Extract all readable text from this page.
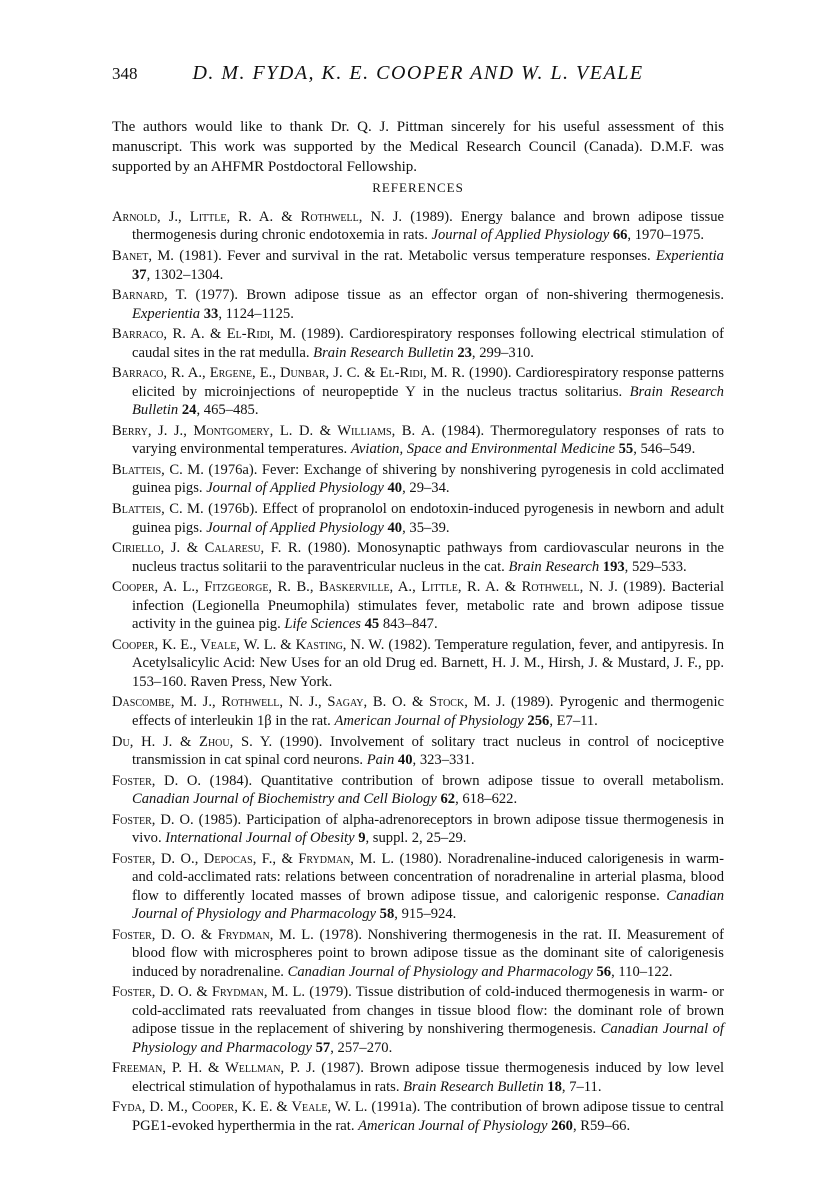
348	D. M. FYDA, K. E. COOPER AND W. L. VEALE

The authors would like to thank Dr. Q. J. Pittman sincerely for his useful assessment of this manuscript. This work was supported by the Medical Research Council (Canada). D.M.F. was supported by an AHFMR Postdoctoral Fellowship.

REFERENCES

Arnold, J., Little, R. A. & Rothwell, N. J. (1989). Energy balance and brown adipose tissue thermogenesis during chronic endotoxemia in rats. Journal of Applied Physiology 66, 1970–1975.

Banet, M. (1981). Fever and survival in the rat. Metabolic versus temperature responses. Experientia 37, 1302–1304.

Barnard, T. (1977). Brown adipose tissue as an effector organ of non-shivering thermogenesis. Experientia 33, 1124–1125.

Barraco, R. A. & El-Ridi, M. (1989). Cardiorespiratory responses following electrical stimulation of caudal sites in the rat medulla. Brain Research Bulletin 23, 299–310.

Barraco, R. A., Ergene, E., Dunbar, J. C. & El-Ridi, M. R. (1990). Cardiorespiratory response patterns elicited by microinjections of neuropeptide Y in the nucleus tractus solitarius. Brain Research Bulletin 24, 465–485.

Berry, J. J., Montgomery, L. D. & Williams, B. A. (1984). Thermoregulatory responses of rats to varying environmental temperatures. Aviation, Space and Environmental Medicine 55, 546–549.

Blatteis, C. M. (1976a). Fever: Exchange of shivering by nonshivering pyrogenesis in cold acclimated guinea pigs. Journal of Applied Physiology 40, 29–34.

Blatteis, C. M. (1976b). Effect of propranolol on endotoxin-induced pyrogenesis in newborn and adult guinea pigs. Journal of Applied Physiology 40, 35–39.

Ciriello, J. & Calaresu, F. R. (1980). Monosynaptic pathways from cardiovascular neurons in the nucleus tractus solitarii to the paraventricular nucleus in the cat. Brain Research 193, 529–533.

Cooper, A. L., Fitzgeorge, R. B., Baskerville, A., Little, R. A. & Rothwell, N. J. (1989). Bacterial infection (Legionella Pneumophila) stimulates fever, metabolic rate and brown adipose tissue activity in the guinea pig. Life Sciences 45 843–847.

Cooper, K. E., Veale, W. L. & Kasting, N. W. (1982). Temperature regulation, fever, and antipyresis. In Acetylsalicylic Acid: New Uses for an old Drug ed. Barnett, H. J. M., Hirsh, J. & Mustard, J. F., pp. 153–160. Raven Press, New York.

Dascombe, M. J., Rothwell, N. J., Sagay, B. O. & Stock, M. J. (1989). Pyrogenic and thermogenic effects of interleukin 1β in the rat. American Journal of Physiology 256, E7–11.

Du, H. J. & Zhou, S. Y. (1990). Involvement of solitary tract nucleus in control of nociceptive transmission in cat spinal cord neurons. Pain 40, 323–331.

Foster, D. O. (1984). Quantitative contribution of brown adipose tissue to overall metabolism. Canadian Journal of Biochemistry and Cell Biology 62, 618–622.

Foster, D. O. (1985). Participation of alpha-adrenoreceptors in brown adipose tissue thermogenesis in vivo. International Journal of Obesity 9, suppl. 2, 25–29.

Foster, D. O., Depocas, F., & Frydman, M. L. (1980). Noradrenaline-induced calorigenesis in warm- and cold-acclimated rats: relations between concentration of noradrenaline in arterial plasma, blood flow to differently located masses of brown adipose tissue, and calorigenic response. Canadian Journal of Physiology and Pharmacology 58, 915–924.

Foster, D. O. & Frydman, M. L. (1978). Nonshivering thermogenesis in the rat. II. Measurement of blood flow with microspheres point to brown adipose tissue as the dominant site of calorigenesis induced by noradrenaline. Canadian Journal of Physiology and Pharmacology 56, 110–122.

Foster, D. O. & Frydman, M. L. (1979). Tissue distribution of cold-induced thermogenesis in warm- or cold-acclimated rats reevaluated from changes in tissue blood flow: the dominant role of brown adipose tissue in the replacement of shivering by nonshivering thermogenesis. Canadian Journal of Physiology and Pharmacology 57, 257–270.

Freeman, P. H. & Wellman, P. J. (1987). Brown adipose tissue thermogenesis induced by low level electrical stimulation of hypothalamus in rats. Brain Research Bulletin 18, 7–11.

Fyda, D. M., Cooper, K. E. & Veale, W. L. (1991a). The contribution of brown adipose tissue to central PGE1-evoked hyperthermia in the rat. American Journal of Physiology 260, R59–66.
